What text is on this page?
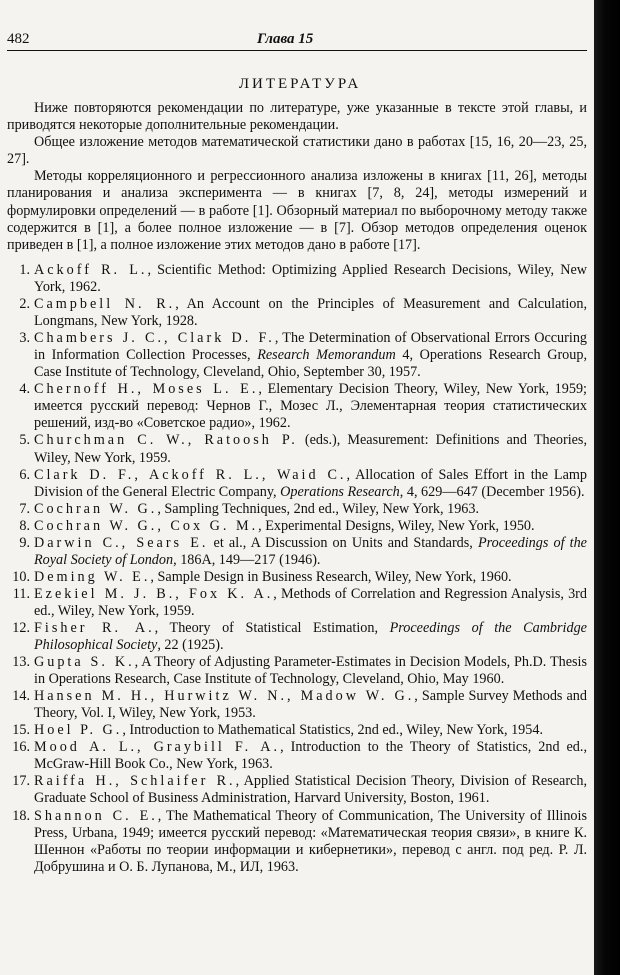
482	Глава 15
ЛИТЕРАТУРА

Ниже повторяются рекомендации по литературе, уже указанные в тексте этой главы, и приводятся некоторые дополнительные рекомендации.

Общее изложение методов математической статистики дано в работах [15, 16, 20—23, 25, 27].

Методы корреляционного и регрессионного анализа изложены в книгах [11, 26], методы планирования и анализа эксперимента — в книгах [7, 8, 24], методы измерений и формулировки определений — в работе [1]. Обзорный материал по выборочному методу также содержится в [1], а более полное изложение — в [7]. Обзор методов определения оценок приведен в [1], а полное изложение этих методов дано в работе [17].

1. Ackoff R. L., Scientific Method: Optimizing Applied Research Decisions, Wiley, New York, 1962.
2. Campbell N. R., An Account on the Principles of Measurement and Calculation, Longmans, New York, 1928.
3. Chambers J. C., Clark D. F., The Determination of Observational Errors Occuring in Information Collection Processes, Research Memorandum 4, Operations Research Group, Case Institute of Technology, Cleveland, Ohio, September 30, 1957.
4. Chernoff H., Moses L. E., Elementary Decision Theory, Wiley, New York, 1959; имеется русский перевод: Чернов Г., Мозес Л., Элементарная теория статистических решений, изд-во «Советское радио», 1962.
5. Churchman C. W., Ratoosh P. (eds.), Measurement: Definitions and Theories, Wiley, New York, 1959.
6. Clark D. F., Ackoff R. L., Waid C., Allocation of Sales Effort in the Lamp Division of the General Electric Company, Operations Research, 4, 629—647 (December 1956).
7. Cochran W. G., Sampling Techniques, 2nd ed., Wiley, New York, 1963.
8. Cochran W. G., Cox G. M., Experimental Designs, Wiley, New York, 1950.
9. Darwin C., Sears E. et al., A Discussion on Units and Standards, Proceedings of the Royal Society of London, 186A, 149—217 (1946).
10. Deming W. E., Sample Design in Business Research, Wiley, New York, 1960.
11. Ezekiel M. J. B., Fox K. A., Methods of Correlation and Regression Analysis, 3rd ed., Wiley, New York, 1959.
12. Fisher R. A., Theory of Statistical Estimation, Proceedings of the Cambridge Philosophical Society, 22 (1925).
13. Gupta S. K., A Theory of Adjusting Parameter-Estimates in Decision Models, Ph.D. Thesis in Operations Research, Case Institute of Technology, Cleveland, Ohio, May 1960.
14. Hansen M. H., Hurwitz W. N., Madow W. G., Sample Survey Methods and Theory, Vol. I, Wiley, New York, 1953.
15. Hoel P. G., Introduction to Mathematical Statistics, 2nd ed., Wiley, New York, 1954.
16. Mood A. L., Graybill F. A., Introduction to the Theory of Statistics, 2nd ed., McGraw-Hill Book Co., New York, 1963.
17. Raiffa H., Schlaifer R., Applied Statistical Decision Theory, Division of Research, Graduate School of Business Administration, Harvard University, Boston, 1961.
18. Shannon C. E., The Mathematical Theory of Communication, The University of Illinois Press, Urbana, 1949; имеется русский перевод: «Математическая теория связи», в книге К. Шеннон «Работы по теории информации и кибернетики», перевод с англ. под ред. Р. Л. Добрушина и О. Б. Лупанова, М., ИЛ, 1963.
